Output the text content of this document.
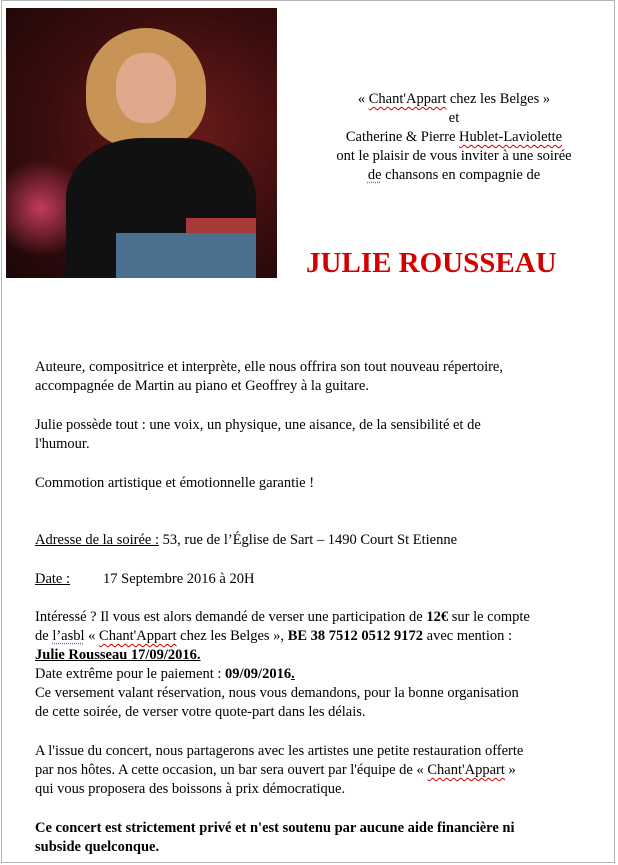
« Chant'Appart chez les Belges »
et
Catherine & Pierre Hublet-Laviolette
ont le plaisir de vous inviter à une soirée
de chansons en compagnie de
JULIE ROUSSEAU
Auteure, compositrice et interprète, elle nous offrira son tout nouveau répertoire,
accompagnée de Martin au piano et Geoffrey à la guitare.
Julie possède tout : une voix, un physique, une aisance, de la sensibilité et de
l'humour.
Commotion artistique et émotionnelle garantie !
Adresse de la soirée : 53, rue de l’Église de Sart – 1490 Court St Etienne
Date : 17 Septembre 2016 à 20H
Intéressé ? Il vous est alors demandé de verser une participation de 12€ sur le compte
de l’asbl « Chant'Appart chez les Belges », BE 38 7512 0512 9172 avec mention :
Julie Rousseau 17/09/2016.
Date extrême pour le paiement : 09/09/2016.
Ce versement valant réservation, nous vous demandons, pour la bonne organisation
de cette soirée, de verser votre quote-part dans les délais.
A l'issue du concert, nous partagerons avec les artistes une petite restauration offerte
par nos hôtes. A cette occasion, un bar sera ouvert par l'équipe de « Chant'Appart »
qui vous proposera des boissons à prix démocratique.
Ce concert est strictement privé et n'est soutenu par aucune aide financière ni
subside quelconque.
